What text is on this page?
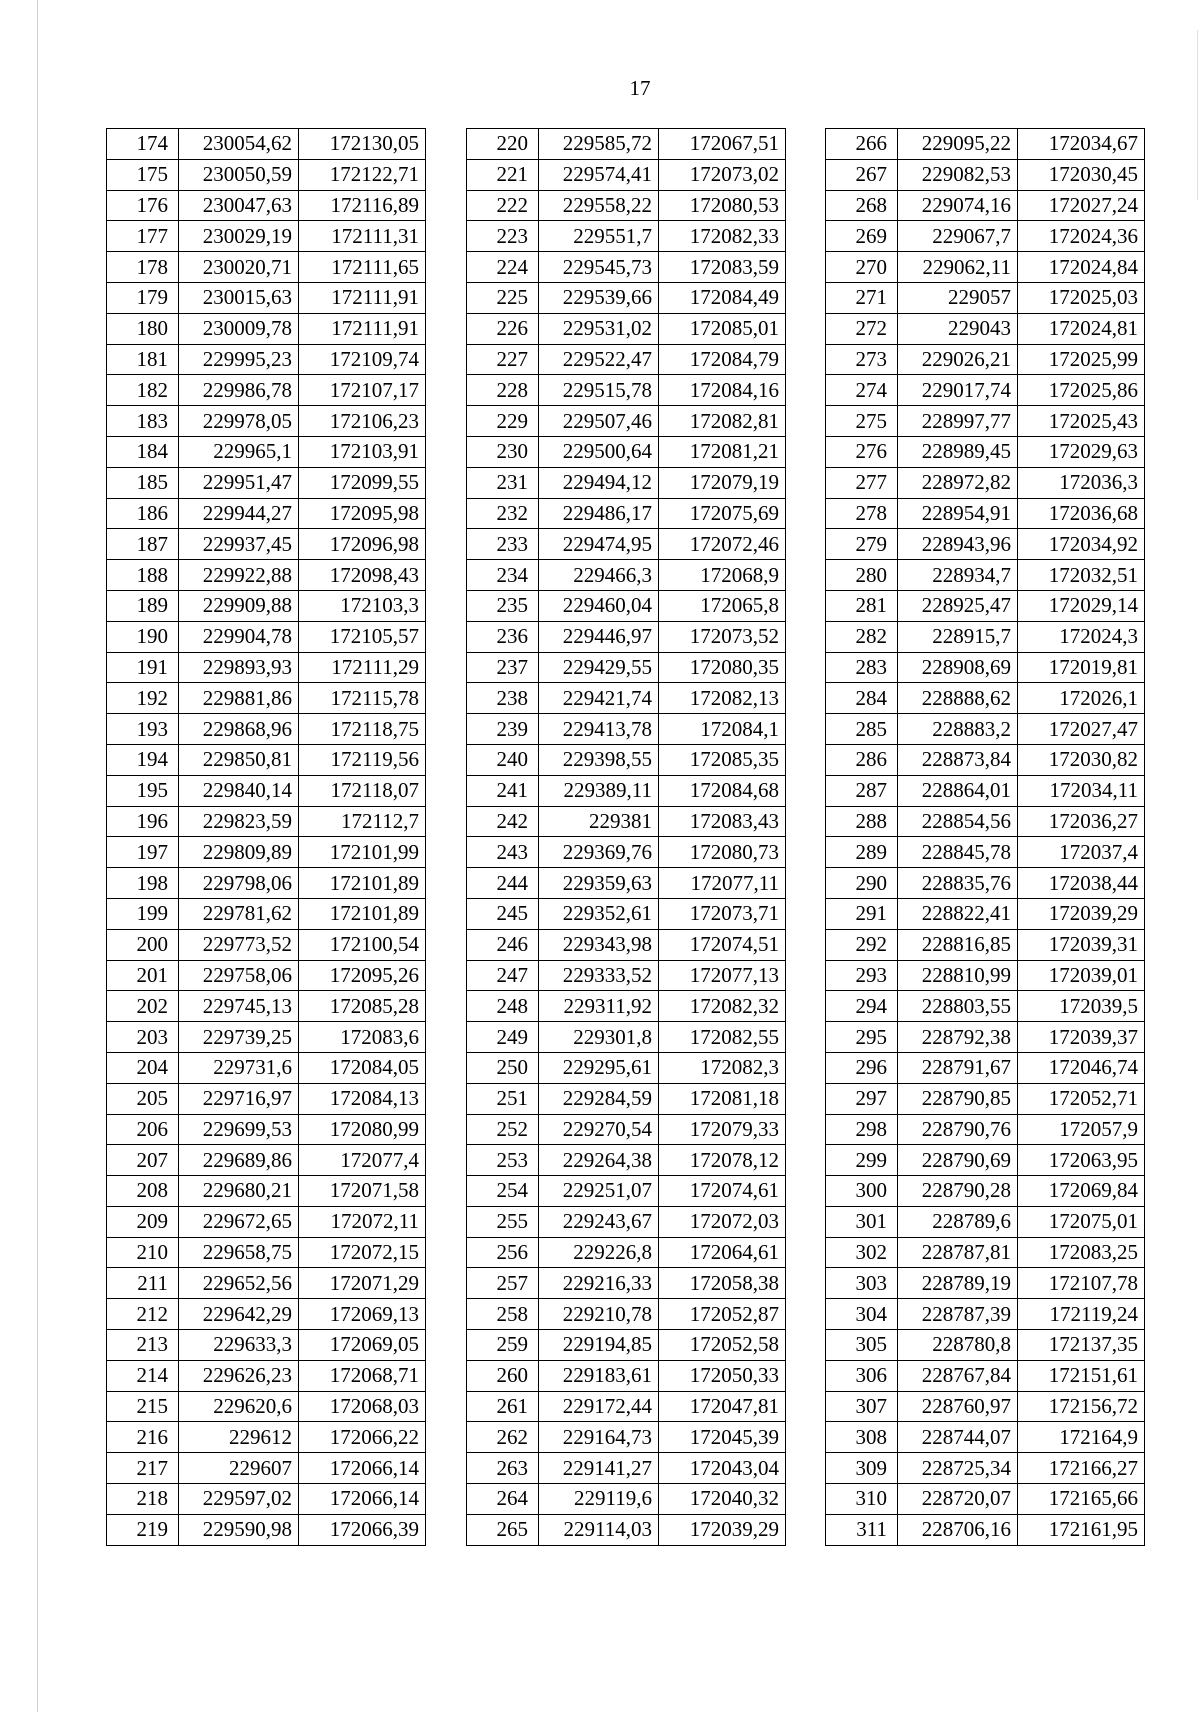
17
174	230054,62	172130,05
175	230050,59	172122,71
176	230047,63	172116,89
177	230029,19	172111,31
178	230020,71	172111,65
179	230015,63	172111,91
180	230009,78	172111,91
181	229995,23	172109,74
182	229986,78	172107,17
183	229978,05	172106,23
184	229965,1	172103,91
185	229951,47	172099,55
186	229944,27	172095,98
187	229937,45	172096,98
188	229922,88	172098,43
189	229909,88	172103,3
190	229904,78	172105,57
191	229893,93	172111,29
192	229881,86	172115,78
193	229868,96	172118,75
194	229850,81	172119,56
195	229840,14	172118,07
196	229823,59	172112,7
197	229809,89	172101,99
198	229798,06	172101,89
199	229781,62	172101,89
200	229773,52	172100,54
201	229758,06	172095,26
202	229745,13	172085,28
203	229739,25	172083,6
204	229731,6	172084,05
205	229716,97	172084,13
206	229699,53	172080,99
207	229689,86	172077,4
208	229680,21	172071,58
209	229672,65	172072,11
210	229658,75	172072,15
211	229652,56	172071,29
212	229642,29	172069,13
213	229633,3	172069,05
214	229626,23	172068,71
215	229620,6	172068,03
216	229612	172066,22
217	229607	172066,14
218	229597,02	172066,14
219	229590,98	172066,39
220	229585,72	172067,51
221	229574,41	172073,02
222	229558,22	172080,53
223	229551,7	172082,33
224	229545,73	172083,59
225	229539,66	172084,49
226	229531,02	172085,01
227	229522,47	172084,79
228	229515,78	172084,16
229	229507,46	172082,81
230	229500,64	172081,21
231	229494,12	172079,19
232	229486,17	172075,69
233	229474,95	172072,46
234	229466,3	172068,9
235	229460,04	172065,8
236	229446,97	172073,52
237	229429,55	172080,35
238	229421,74	172082,13
239	229413,78	172084,1
240	229398,55	172085,35
241	229389,11	172084,68
242	229381	172083,43
243	229369,76	172080,73
244	229359,63	172077,11
245	229352,61	172073,71
246	229343,98	172074,51
247	229333,52	172077,13
248	229311,92	172082,32
249	229301,8	172082,55
250	229295,61	172082,3
251	229284,59	172081,18
252	229270,54	172079,33
253	229264,38	172078,12
254	229251,07	172074,61
255	229243,67	172072,03
256	229226,8	172064,61
257	229216,33	172058,38
258	229210,78	172052,87
259	229194,85	172052,58
260	229183,61	172050,33
261	229172,44	172047,81
262	229164,73	172045,39
263	229141,27	172043,04
264	229119,6	172040,32
265	229114,03	172039,29
266	229095,22	172034,67
267	229082,53	172030,45
268	229074,16	172027,24
269	229067,7	172024,36
270	229062,11	172024,84
271	229057	172025,03
272	229043	172024,81
273	229026,21	172025,99
274	229017,74	172025,86
275	228997,77	172025,43
276	228989,45	172029,63
277	228972,82	172036,3
278	228954,91	172036,68
279	228943,96	172034,92
280	228934,7	172032,51
281	228925,47	172029,14
282	228915,7	172024,3
283	228908,69	172019,81
284	228888,62	172026,1
285	228883,2	172027,47
286	228873,84	172030,82
287	228864,01	172034,11
288	228854,56	172036,27
289	228845,78	172037,4
290	228835,76	172038,44
291	228822,41	172039,29
292	228816,85	172039,31
293	228810,99	172039,01
294	228803,55	172039,5
295	228792,38	172039,37
296	228791,67	172046,74
297	228790,85	172052,71
298	228790,76	172057,9
299	228790,69	172063,95
300	228790,28	172069,84
301	228789,6	172075,01
302	228787,81	172083,25
303	228789,19	172107,78
304	228787,39	172119,24
305	228780,8	172137,35
306	228767,84	172151,61
307	228760,97	172156,72
308	228744,07	172164,9
309	228725,34	172166,27
310	228720,07	172165,66
311	228706,16	172161,95
